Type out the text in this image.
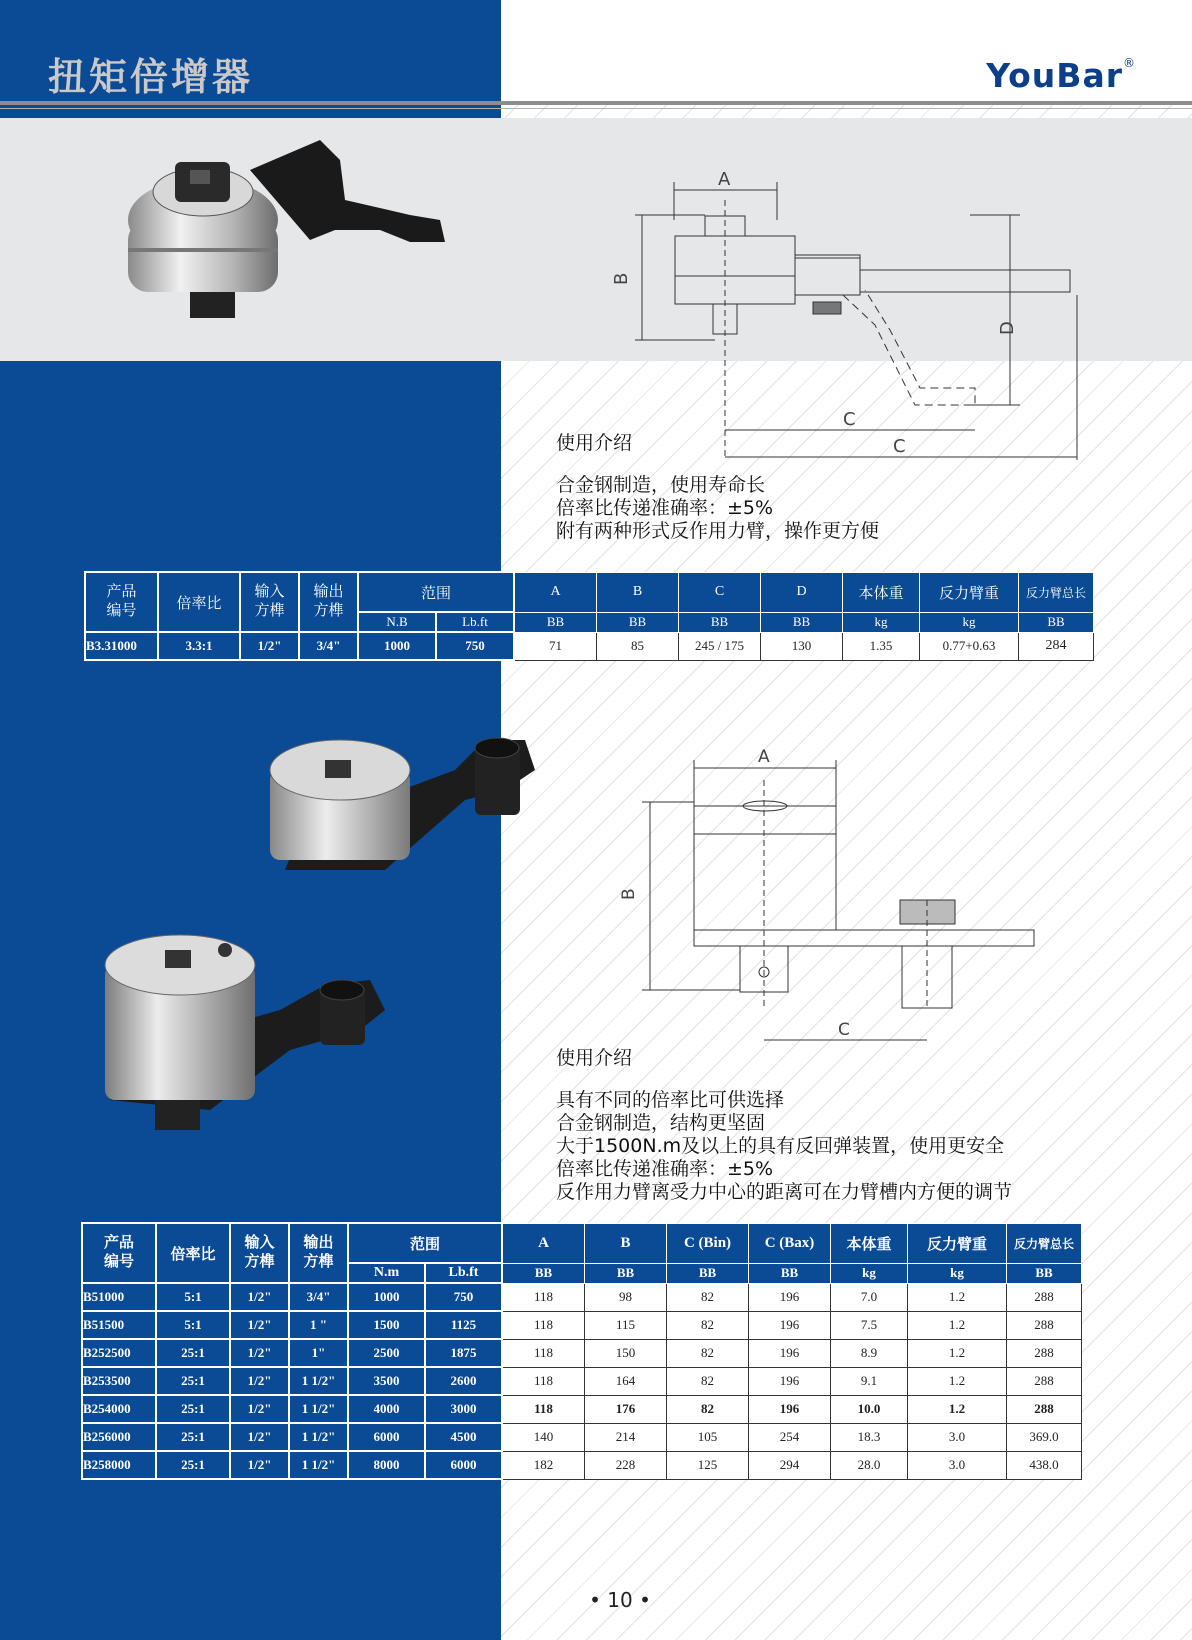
扭矩倍增器	YouBar®
A
B
D
C
C
使用介绍
合金钢制造，使用寿命长
倍率比传递准确率：±5%
附有两种形式反作用力臂，操作更方便
产品
编号	倍率比	输入
方榫	输出
方榫	范围		A	B	C	D	本体重	反力臂重	反力臂总长
				N.B	Lb.ft	BB	BB	BB	BB	kg	kg	BB
B3.31000	3.3:1	1/2"	3/4"	1000	750	71	85	245 / 175	130	1.35	0.77+0.63	284
A
B
C
使用介绍
具有不同的倍率比可供选择
合金钢制造，结构更坚固
大于1500N.m及以上的具有反回弹装置，使用更安全
倍率比传递准确率：±5%
反作用力臂离受力中心的距离可在力臂槽内方便的调节
产品
编号	倍率比	输入
方榫	输出
方榫	范围		A	B	C (Bin)	C (Bax)	本体重	反力臂重	反力臂总长
				N.m	Lb.ft	BB	BB	BB	BB	kg	kg	BB
B51000	5:1	1/2"	3/4"	1000	750	118	98	82	196	7.0	1.2	288
B51500	5:1	1/2"	1 "	1500	1125	118	115	82	196	7.5	1.2	288
B252500	25:1	1/2"	1"	2500	1875	118	150	82	196	8.9	1.2	288
B253500	25:1	1/2"	1 1/2"	3500	2600	118	164	82	196	9.1	1.2	288
B254000	25:1	1/2"	1 1/2"	4000	3000	118	176	82	196	10.0	1.2	288
B256000	25:1	1/2"	1 1/2"	6000	4500	140	214	105	254	18.3	3.0	369.0
B258000	25:1	1/2"	1 1/2"	8000	6000	182	228	125	294	28.0	3.0	438.0
• 10 •
